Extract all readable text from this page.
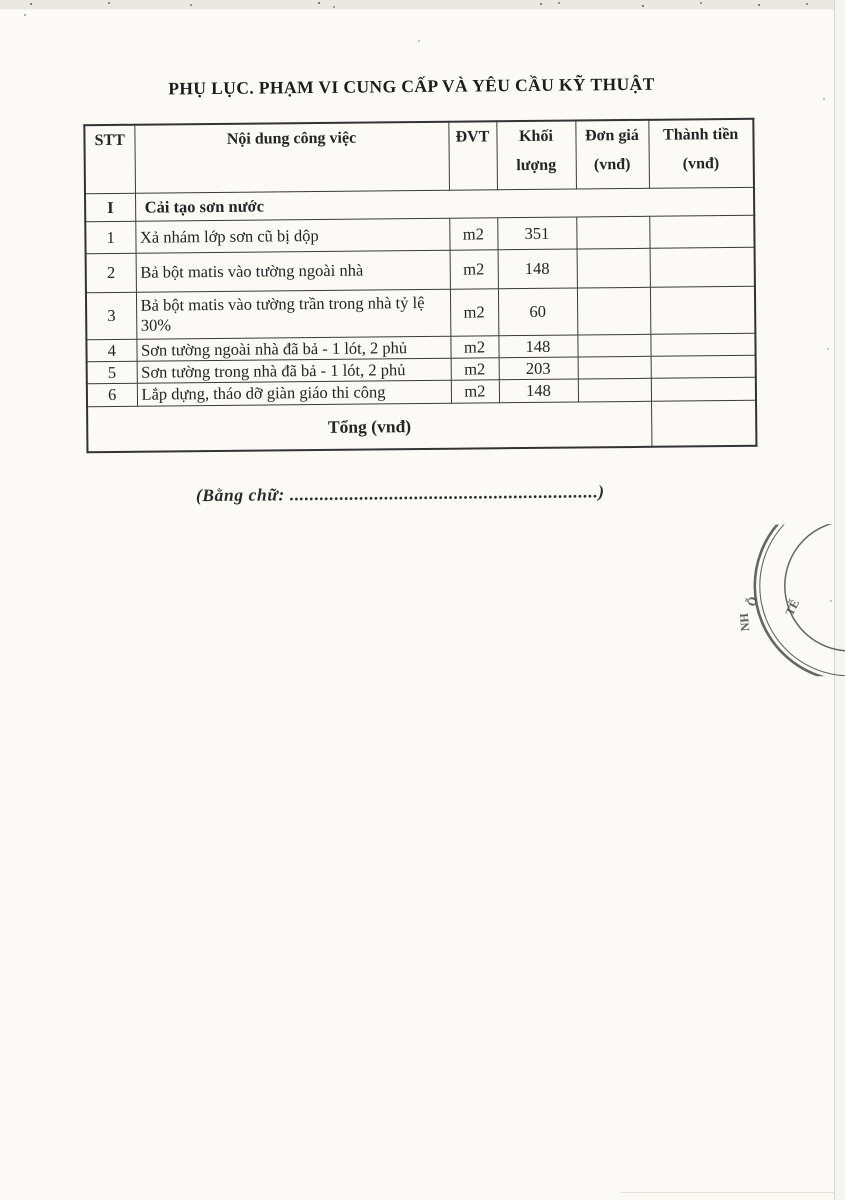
PHỤ LỤC. PHẠM VI CUNG CẤP VÀ YÊU CẦU KỸ THUẬT
STT	Nội dung công việc	ĐVT	Khối lượng	Đơn giá (vnđ)	Thành tiền (vnđ)
I	Cải tạo sơn nước				
1	Xả nhám lớp sơn cũ bị dộp	m2	351		
2	Bả bột matis vào tường ngoài nhà	m2	148		
3	Bả bột matis vào tường trần trong nhà tỷ lệ 30%	m2	60		
4	Sơn tường ngoài nhà đã bả - 1 lót, 2 phủ	m2	148		
5	Sơn tường trong nhà đã bả - 1 lót, 2 phủ	m2	203		
6	Lắp dựng, tháo dỡ giàn giáo thi công	m2	148		
Tổng (vnđ)					
(Bằng chữ: ..............................................................)
TẾ
Ỗ
NH
